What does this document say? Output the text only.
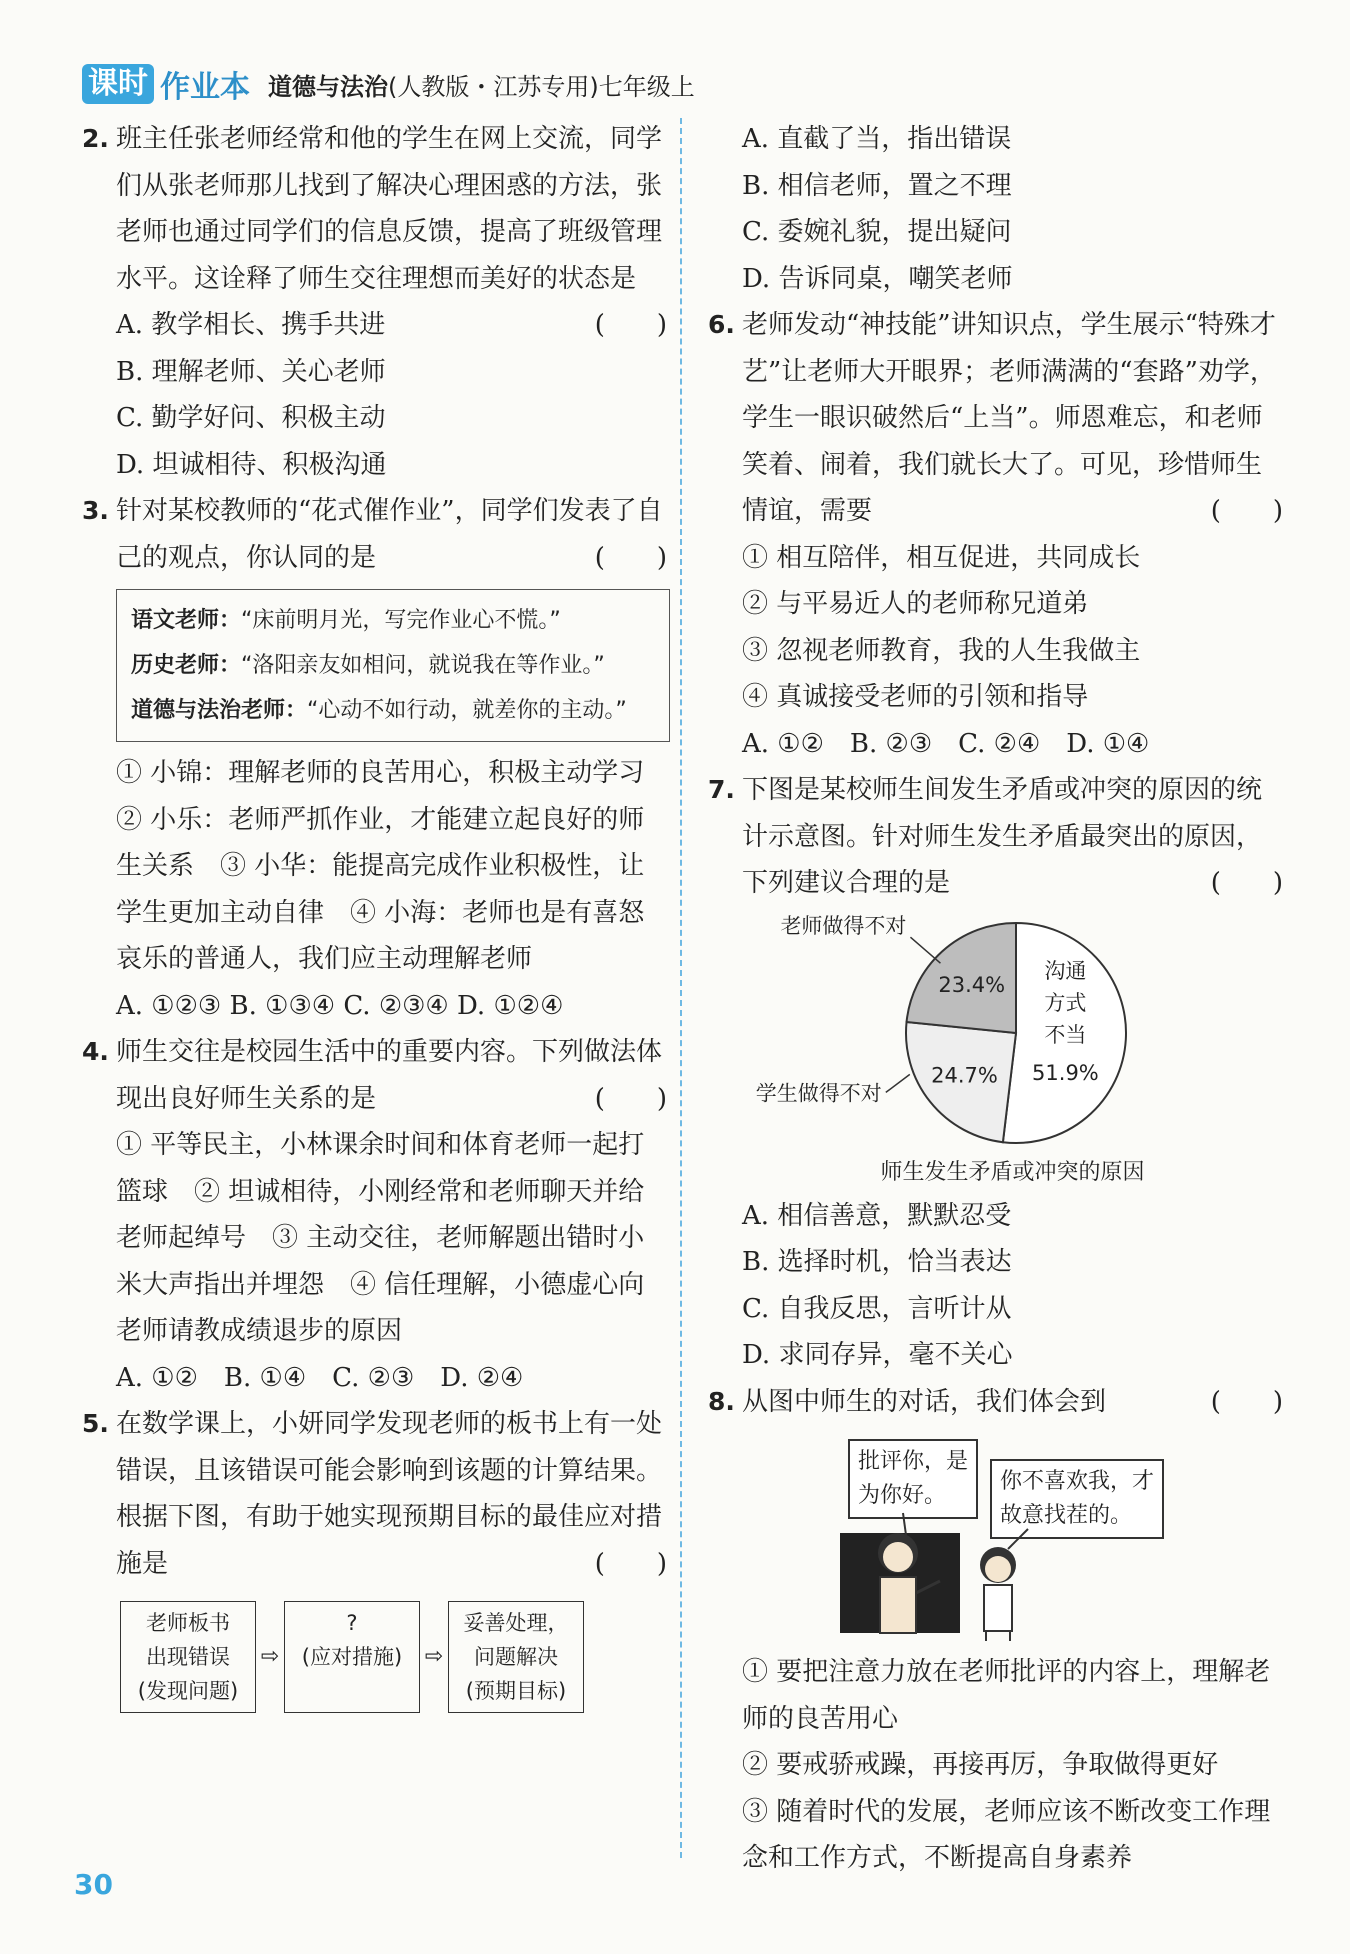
课时 作业本 道德与法治(人教版・江苏专用)七年级上
2. 班主任张老师经常和他的学生在网上交流，同学们从张老师那儿找到了解决心理困惑的方法，张老师也通过同学们的信息反馈，提高了班级管理水平。这诠释了师生交往理想而美好的状态是
(　　)
A. 教学相长、携手共进
B. 理解老师、关心老师
C. 勤学好问、积极主动
D. 坦诚相待、积极沟通
3. 针对某校教师的“花式催作业”，同学们发表了自己的观点，你认同的是	(　　)
语文老师：“床前明月光，写完作业心不慌。”
历史老师：“洛阳亲友如相问，就说我在等作业。”
道德与法治老师：“心动不如行动，就差你的主动。”
① 小锦：理解老师的良苦用心，积极主动学习　② 小乐：老师严抓作业，才能建立起良好的师生关系　③ 小华：能提高完成作业积极性，让学生更加主动自律　④ 小海：老师也是有喜怒哀乐的普通人，我们应主动理解老师
A. ①②③ B. ①③④ C. ②③④ D. ①②④
4. 师生交往是校园生活中的重要内容。下列做法体现出良好师生关系的是	(　　)
① 平等民主，小林课余时间和体育老师一起打篮球　② 坦诚相待，小刚经常和老师聊天并给老师起绰号　③ 主动交往，老师解题出错时小米大声指出并埋怨　④ 信任理解，小德虚心向老师请教成绩退步的原因
A. ①②　B. ①④　C. ②③　D. ②④
5. 在数学课上，小妍同学发现老师的板书上有一处错误，且该错误可能会影响到该题的计算结果。根据下图，有助于她实现预期目标的最佳应对措施是	(　　)
老师板书
出现错误
(发现问题)
⇨
?
(应对措施)
	⇨
妥善处理，
问题解决
(预期目标)
A. 直截了当，指出错误
B. 相信老师，置之不理
C. 委婉礼貌，提出疑问
D. 告诉同桌，嘲笑老师
6. 老师发动“神技能”讲知识点，学生展示“特殊才艺”让老师大开眼界；老师满满的“套路”劝学，学生一眼识破然后“上当”。师恩难忘，和老师笑着、闹着，我们就长大了。可见，珍惜师生情谊，需要	(　　)
① 相互陪伴，相互促进，共同成长
② 与平易近人的老师称兄道弟
③ 忽视老师教育，我的人生我做主
④ 真诚接受老师的引领和指导
A. ①②　B. ②③　C. ②④　D. ①④
7. 下图是某校师生间发生矛盾或冲突的原因的统计示意图。针对师生发生矛盾最突出的原因，下列建议合理的是	(　　)
沟通
方式
不当
51.9%
24.7%
学生做得不对
23.4%
老师做得不对
师生发生矛盾或冲突的原因
A. 相信善意，默默忍受
B. 选择时机，恰当表达
C. 自我反思，言听计从
D. 求同存异，毫不关心
8. 从图中师生的对话，我们体会到	(　　)
批评你，是
为你好。
你不喜欢我，才
故意找茬的。
① 要把注意力放在老师批评的内容上，理解老师的良苦用心
② 要戒骄戒躁，再接再厉，争取做得更好
③ 随着时代的发展，老师应该不断改变工作理念和工作方式，不断提高自身素养
30
